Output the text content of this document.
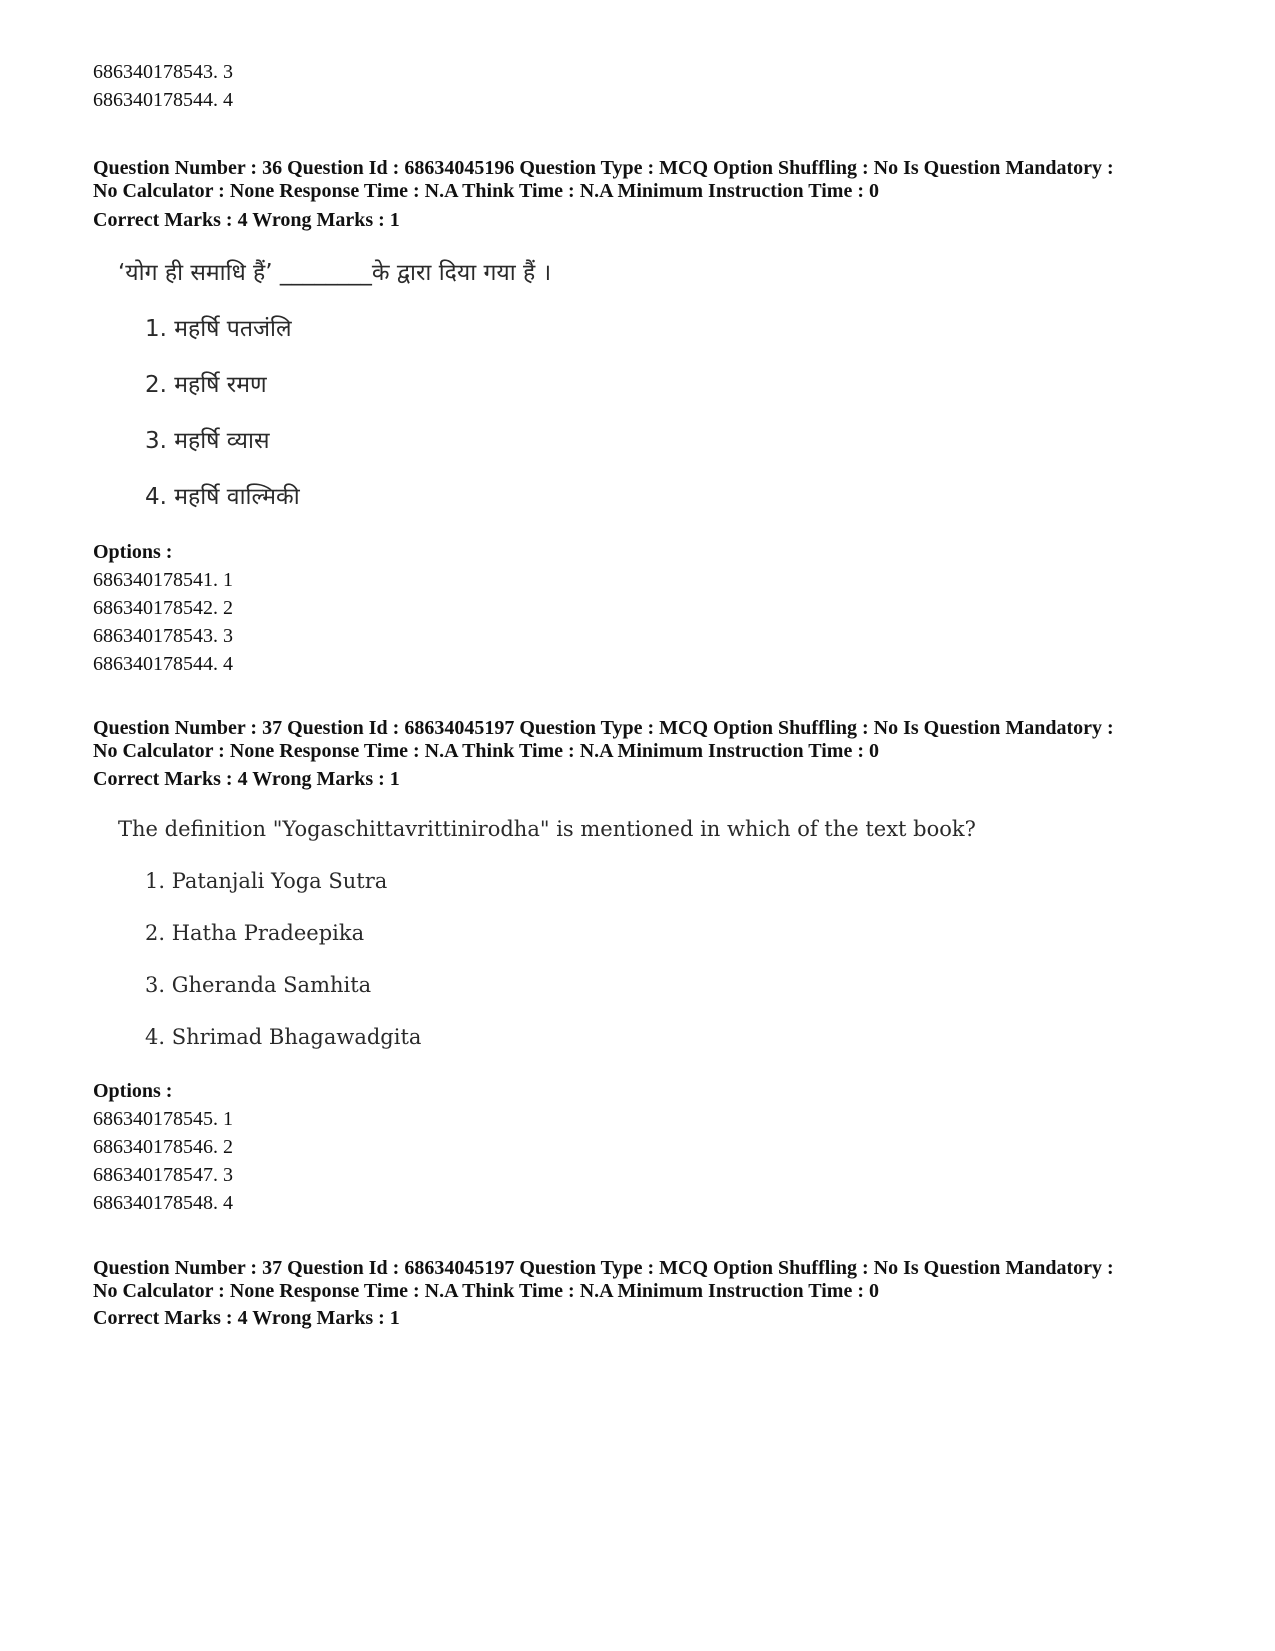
686340178543. 3
686340178544. 4
Question Number : 36 Question Id : 68634045196 Question Type : MCQ Option Shuffling : No Is Question Mandatory :
No Calculator : None Response Time : N.A Think Time : N.A Minimum Instruction Time : 0
Correct Marks : 4 Wrong Marks : 1
‘योग ही समाधि हैं’ ________के द्वारा दिया गया हैं ।
1. महर्षि पतजंलि
2. महर्षि रमण
3. महर्षि व्यास
4. महर्षि वाल्मिकी
Options :
686340178541. 1
686340178542. 2
686340178543. 3
686340178544. 4
Question Number : 37 Question Id : 68634045197 Question Type : MCQ Option Shuffling : No Is Question Mandatory :
No Calculator : None Response Time : N.A Think Time : N.A Minimum Instruction Time : 0
Correct Marks : 4 Wrong Marks : 1
The definition "Yogaschittavrittinirodha" is mentioned in which of the text book?
1. Patanjali Yoga Sutra
2. Hatha Pradeepika
3. Gheranda Samhita
4. Shrimad Bhagawadgita
Options :
686340178545. 1
686340178546. 2
686340178547. 3
686340178548. 4
Question Number : 37 Question Id : 68634045197 Question Type : MCQ Option Shuffling : No Is Question Mandatory :
No Calculator : None Response Time : N.A Think Time : N.A Minimum Instruction Time : 0
Correct Marks : 4 Wrong Marks : 1
